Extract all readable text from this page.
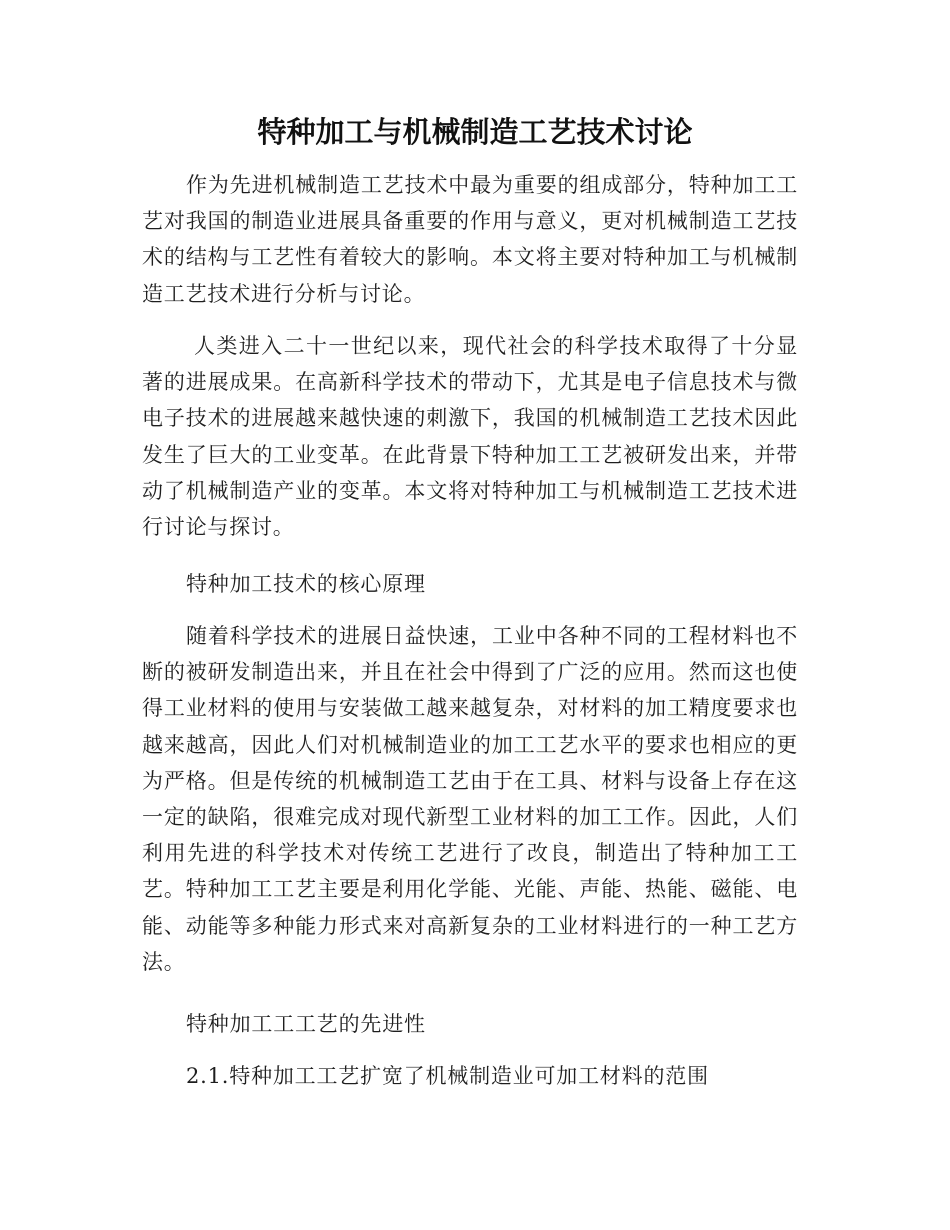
特种加工与机械制造工艺技术讨论

作为先进机械制造工艺技术中最为重要的组成部分，特种加工工艺对我国的制造业进展具备重要的作用与意义，更对机械制造工艺技术的结构与工艺性有着较大的影响。本文将主要对特种加工与机械制造工艺技术进行分析与讨论。

人类进入二十一世纪以来，现代社会的科学技术取得了十分显著的进展成果。在高新科学技术的带动下，尤其是电子信息技术与微电子技术的进展越来越快速的刺激下，我国的机械制造工艺技术因此发生了巨大的工业变革。在此背景下特种加工工艺被研发出来，并带动了机械制造产业的变革。本文将对特种加工与机械制造工艺技术进行讨论与探讨。

特种加工技术的核心原理

随着科学技术的进展日益快速，工业中各种不同的工程材料也不断的被研发制造出来，并且在社会中得到了广泛的应用。然而这也使得工业材料的使用与安装做工越来越复杂，对材料的加工精度要求也越来越高，因此人们对机械制造业的加工工艺水平的要求也相应的更为严格。但是传统的机械制造工艺由于在工具、材料与设备上存在这一定的缺陷，很难完成对现代新型工业材料的加工工作。因此，人们利用先进的科学技术对传统工艺进行了改良，制造出了特种加工工艺。特种加工工艺主要是利用化学能、光能、声能、热能、磁能、电能、动能等多种能力形式来对高新复杂的工业材料进行的一种工艺方法。

特种加工工工艺的先进性

2.1.特种加工工艺扩宽了机械制造业可加工材料的范围
